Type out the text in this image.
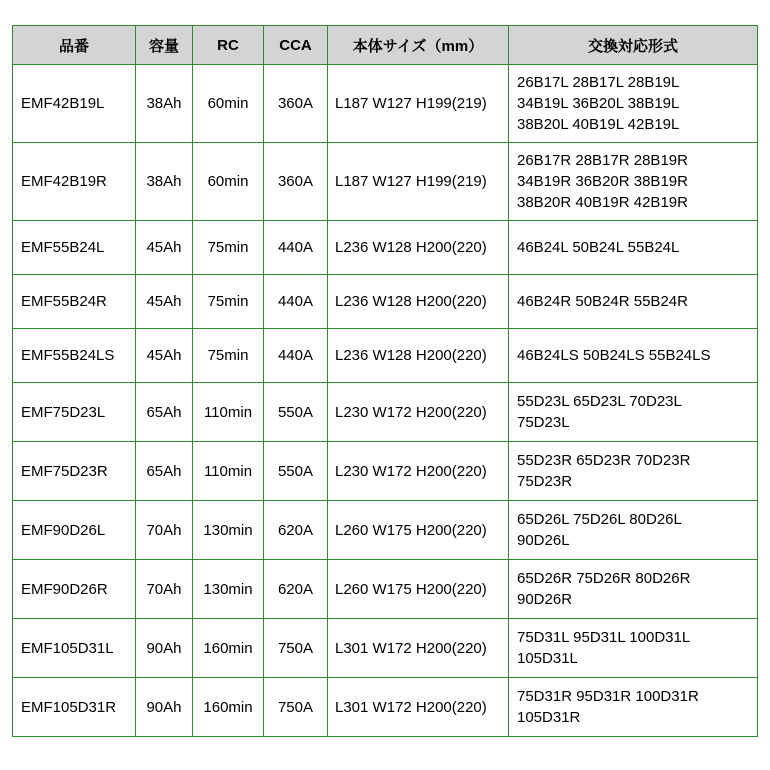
品番	容量	RC	CCA	本体サイズ（mm）	交換対応形式
EMF42B19L	38Ah	60min	360A	L187 W127 H199(219)	26B17L 28B17L 28B19L
34B19L 36B20L 38B19L
38B20L 40B19L 42B19L

EMF42B19R	38Ah	60min	360A	L187 W127 H199(219)	26B17R 28B17R 28B19R
34B19R 36B20R 38B19R
38B20R 40B19R 42B19R

EMF55B24L	45Ah	75min	440A	L236 W128 H200(220)	46B24L 50B24L 55B24L

EMF55B24R	45Ah	75min	440A	L236 W128 H200(220)	46B24R 50B24R 55B24R

EMF55B24LS	45Ah	75min	440A	L236 W128 H200(220)	46B24LS 50B24LS 55B24LS

EMF75D23L	65Ah	110min	550A	L230 W172 H200(220)	55D23L 65D23L 70D23L
75D23L

EMF75D23R	65Ah	110min	550A	L230 W172 H200(220)	55D23R 65D23R 70D23R
75D23R

EMF90D26L	70Ah	130min	620A	L260 W175 H200(220)	65D26L 75D26L 80D26L
90D26L

EMF90D26R	70Ah	130min	620A	L260 W175 H200(220)	65D26R 75D26R 80D26R
90D26R

EMF105D31L	90Ah	160min	750A	L301 W172 H200(220)	75D31L 95D31L 100D31L
105D31L

EMF105D31R	90Ah	160min	750A	L301 W172 H200(220)	75D31R 95D31R 100D31R
105D31R
